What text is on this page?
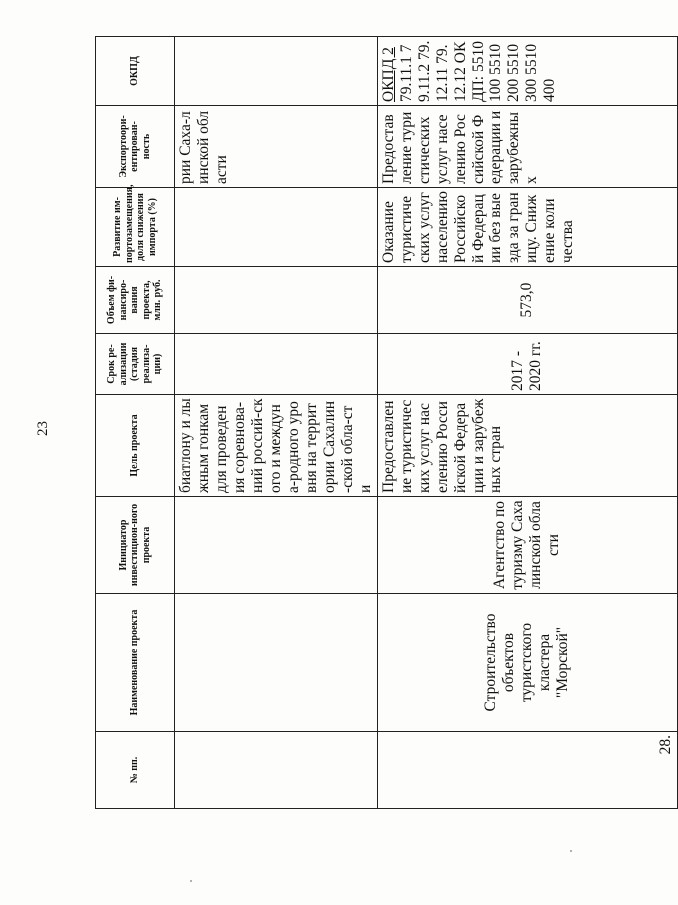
23
№ пп.	Наименование проекта	Инициатор инвестицион-ного проекта	Цель проекта	Срок ре-ализации (стадия реализа-ции)	Объем фи-нансиро-вания проекта, млн. руб.	Развитие им-портозамещения, доля снижения импорта (%)	Экспортоори-ентирован-ность	ОКПД
			биатлону и лыжным гонкам для проведения соревнова-ний россий-ского и междуна-родного уровня на территории Сахалин-ской обла-сти				рии Саха-линской области	
28.	Строительство объектов туристского кластера "Морской"	Агентство по туризму Сахалинской области	Предоставление туристических услуг населению Российской Федерации и зарубежных стран	2017 - 2020 гг.	573,0	Оказание туристических услуг населению Российской Федерации без выезда за границу. Снижение количества	Предоставление туристических услуг населению Российской Федерации и зарубежных	ОКПД 2 79.11.1 79.11.2 79.12.11 79.12.12 ОКДП: 5510100 5510200 5510300 5510400
